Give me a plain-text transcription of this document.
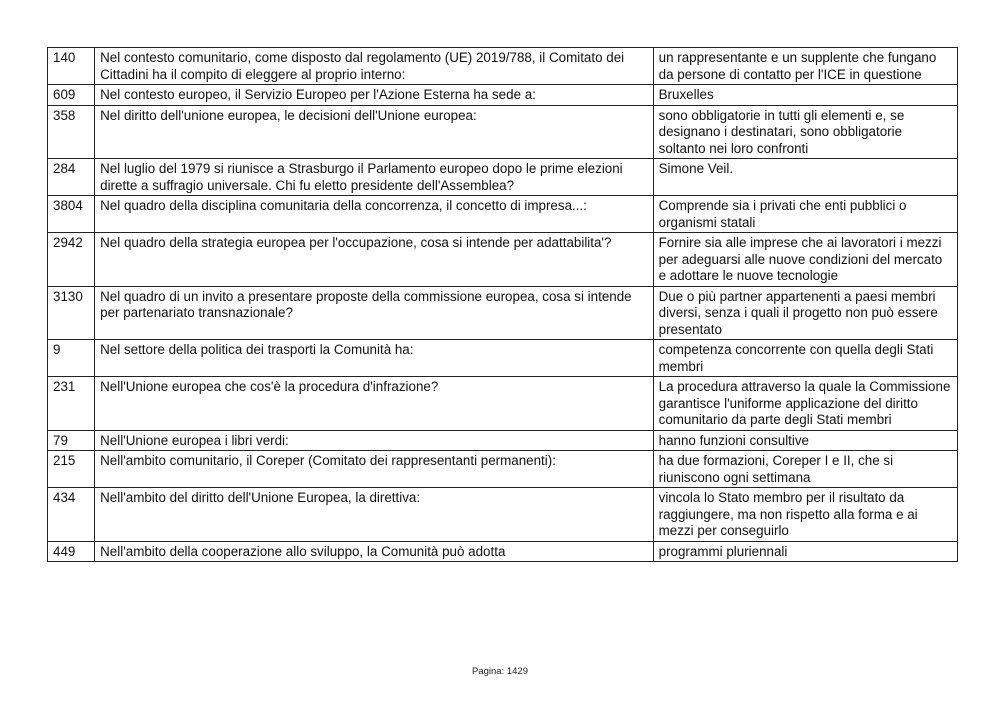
140	Nel contesto comunitario, come disposto dal regolamento (UE) 2019/788, il Comitato dei Cittadini ha il compito di eleggere al proprio interno:	un rappresentante e un supplente che fungano da persone di contatto per l'ICE in questione
609	Nel contesto europeo, il Servizio Europeo per l'Azione Esterna ha sede a:	Bruxelles
358	Nel diritto dell'unione europea, le decisioni dell'Unione europea:	sono obbligatorie in tutti gli elementi e, se designano i destinatari, sono obbligatorie soltanto nei loro confronti
284	Nel luglio del 1979 si riunisce a Strasburgo il Parlamento europeo dopo le prime elezioni dirette a suffragio universale. Chi fu eletto presidente dell'Assemblea?	Simone Veil.
3804	Nel quadro della disciplina comunitaria della concorrenza, il concetto di impresa...:	Comprende sia i privati che enti pubblici o organismi statali
2942	Nel quadro della strategia europea per l'occupazione, cosa si intende per adattabilita'?	Fornire sia alle imprese che ai lavoratori i mezzi per adeguarsi alle nuove condizioni del mercato e adottare le nuove tecnologie
3130	Nel quadro di un invito a presentare proposte della commissione europea, cosa si intende per partenariato transnazionale?	Due o più partner appartenenti a paesi membri diversi, senza i quali il progetto non può essere presentato
9	Nel settore della politica dei trasporti la Comunità ha:	competenza concorrente con quella degli Stati membri
231	Nell'Unione europea che cos'è la procedura d'infrazione?	La procedura attraverso la quale la Commissione garantisce l'uniforme applicazione del diritto comunitario da parte degli Stati membri
79	Nell'Unione europea i libri verdi:	hanno funzioni consultive
215	Nell'ambito comunitario, il Coreper (Comitato dei rappresentanti permanenti):	ha due formazioni, Coreper I e II, che si riuniscono ogni settimana
434	Nell'ambito del diritto dell'Unione Europea, la direttiva:	vincola lo Stato membro per il risultato da raggiungere, ma non rispetto alla forma e ai mezzi per conseguirlo
449	Nell'ambito della cooperazione allo sviluppo, la Comunità può adotta	programmi pluriennali
Pagina: 1429
